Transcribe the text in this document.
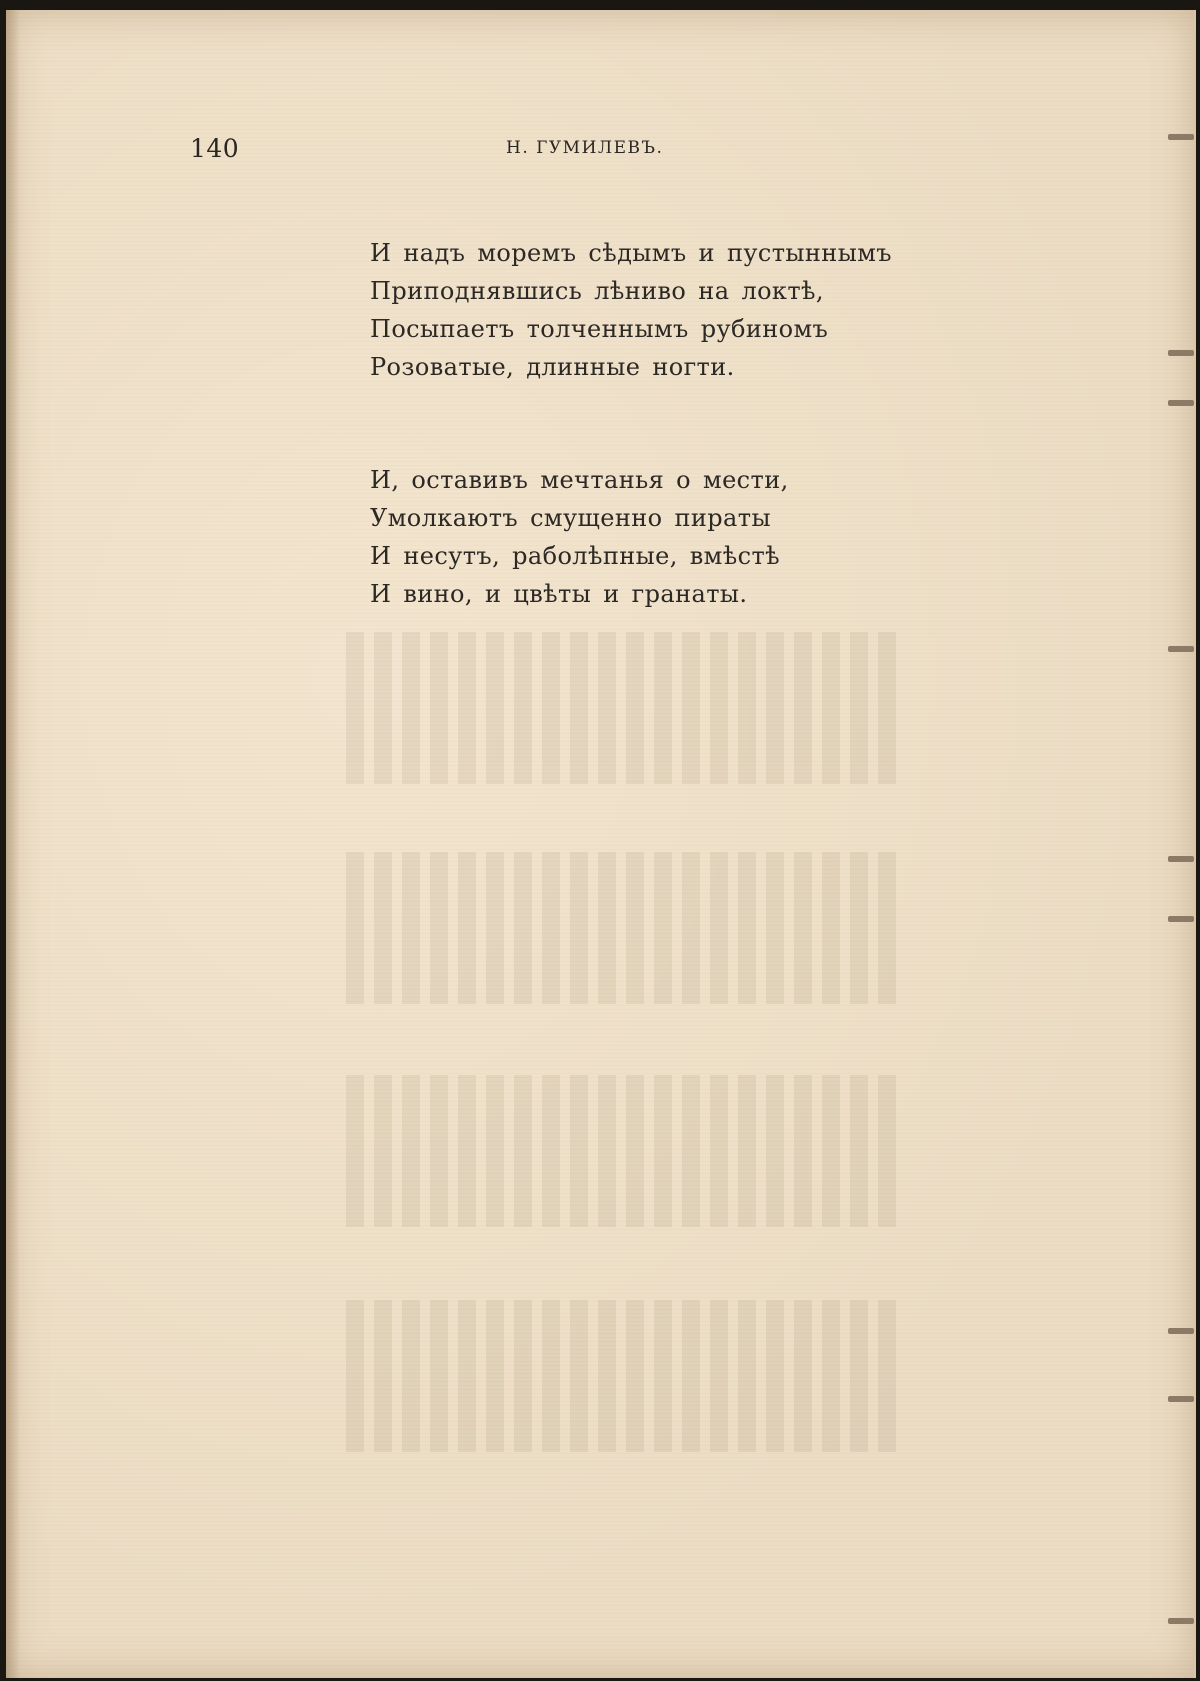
140	Н. ГУМИЛЕВЪ.
И надъ моремъ сѣдымъ и пустыннымъ
Приподнявшись лѣниво на локтѣ,
Посыпаетъ толченнымъ рубиномъ
Розоватые, длинные ногти.
И, оставивъ мечтанья о мести,
Умолкаютъ смущенно пираты
И несутъ, раболѣпные, вмѣстѣ
И вино, и цвѣты и гранаты.
